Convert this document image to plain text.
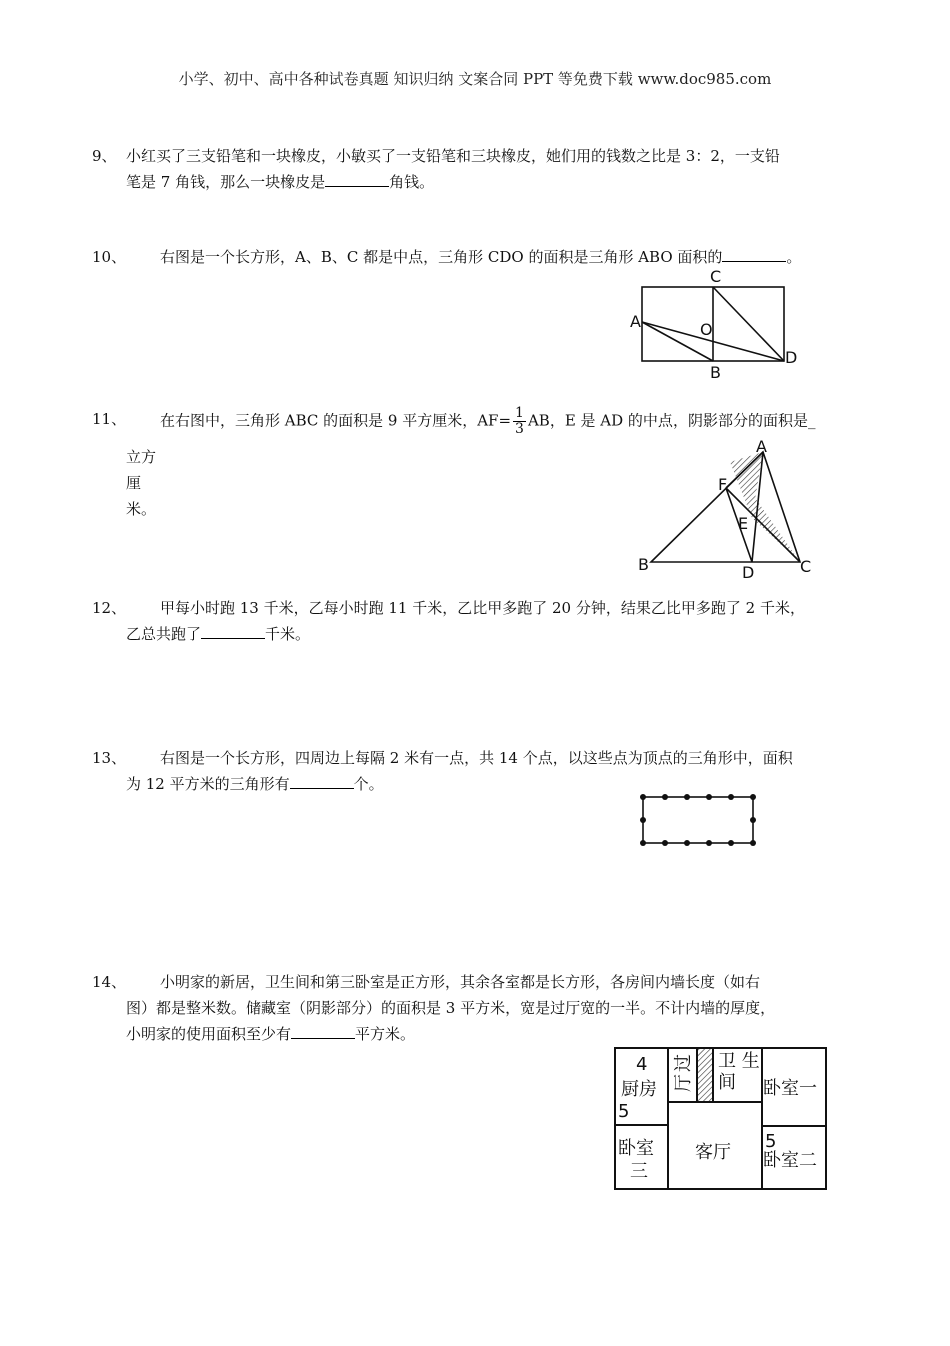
小学、初中、高中各种试卷真题 知识归纳 文案合同 PPT 等免费下载 www.doc985.com
9、 小红买了三支铅笔和一块橡皮，小敏买了一支铅笔和三块橡皮，她们用的钱数之比是 3：2，一支铅
笔是 7 角钱，那么一块橡皮是	角钱。
10、 右图是一个长方形，A、B、C 都是中点，三角形 CDO 的面积是三角形 ABO 面积的	。
C
A	O
B
D
11、 在右图中，三角形 ABC 的面积是 9 平方厘米，$AF= \frac{1}{3}$ AB，E 是 AD 的中点，阴影部分的面积是_
立方厘米。
A
F
E
B	D	C
12、 甲每小时跑 13 千米，乙每小时跑 11 千米，乙比甲多跑了 20 分钟，结果乙比甲多跑了 2 千米，
乙总共跑了	千米。
13、 右图是一个长方形，四周边上每隔 2 米有一点，共 14 个点，以这些点为顶点的三角形中，面积
为 12 平方米的三角形有	个。
14、 小明家的新居，卫生间和第三卧室是正方形，其余各室都是长方形，各房间内墙长度（如右
图）都是整米数。储藏室（阴影部分）的面积是 3 平方米，宽是过厅宽的一半。不计内墙的厚度，
小明家的使用面积至少有	平方米。
4
厨房
5
过
厅
卫 生
间 卧室一
卧室
三
客厅
5
卧室二
